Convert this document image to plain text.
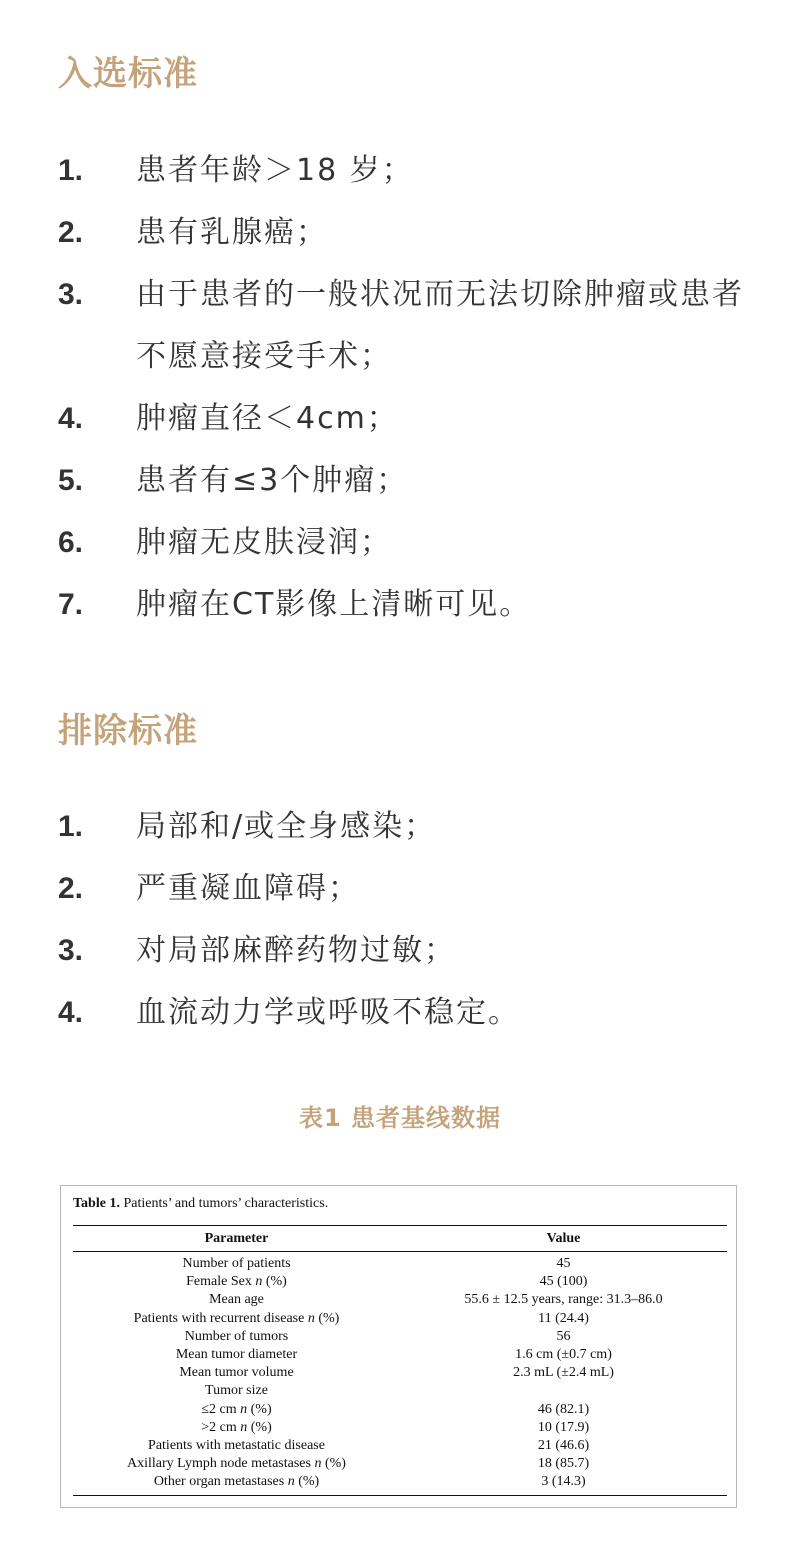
入选标准
1.	患者年龄＞18 岁；
2.	患有乳腺癌；
3.	由于患者的一般状况而无法切除肿瘤或患者不愿意接受手术；
4.	肿瘤直径＜4cm；
5.	患者有≤3个肿瘤；
6.	肿瘤无皮肤浸润；
7.	肿瘤在CT影像上清晰可见。
排除标准
1.	局部和/或全身感染；
2.	严重凝血障碍；
3.	对局部麻醉药物过敏；
4.	血流动力学或呼吸不稳定。
表1 患者基线数据
Table 1. Patients’ and tumors’ characteristics.
Parameter	Value
Number of patients	45
Female Sex n (%)	45 (100)
Mean age	55.6 ± 12.5 years, range: 31.3–86.0
Patients with recurrent disease n (%)	11 (24.4)
Number of tumors	56
Mean tumor diameter	1.6 cm (±0.7 cm)
Mean tumor volume	2.3 mL (±2.4 mL)
Tumor size	
≤2 cm n (%)	46 (82.1)
>2 cm n (%)	10 (17.9)
Patients with metastatic disease	21 (46.6)
Axillary Lymph node metastases n (%)	18 (85.7)
Other organ metastases n (%)	3 (14.3)
